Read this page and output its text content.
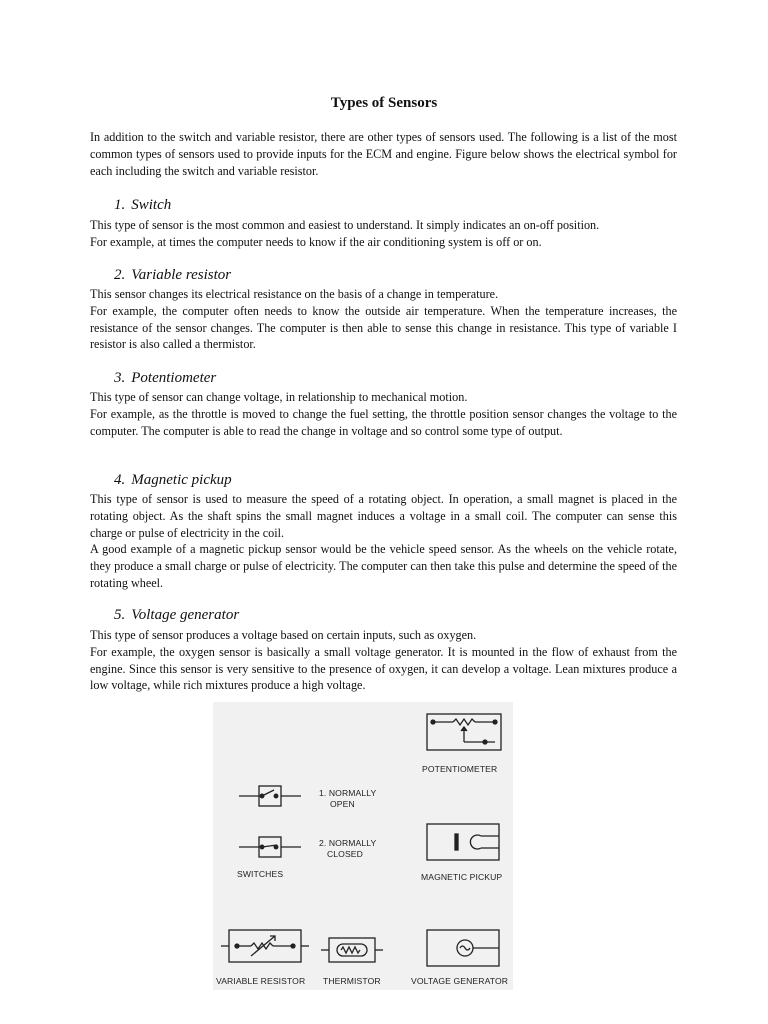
Types of Sensors

In addition to the switch and variable resistor, there are other types of sensors used. The following is a list of the most common types of sensors used to provide inputs for the ECM and engine. Figure below shows the electrical symbol for each including the switch and variable resistor.

1. Switch

This type of sensor is the most common and easiest to understand. It simply indicates an on-off position.

For example, at times the computer needs to know if the air conditioning system is off or on.

2. Variable resistor

This sensor changes its electrical resistance on the basis of a change in temperature.

For example, the computer often needs to know the outside air temperature. When the temperature increases, the resistance of the sensor changes. The computer is then able to sense this change in resistance. This type of variable I resistor is also called a thermistor.

3. Potentiometer

This type of sensor can change voltage, in relationship to mechanical motion.

For example, as the throttle is moved to change the fuel setting, the throttle position sensor changes the voltage to the computer. The computer is able to read the change in voltage and so control some type of output.

4. Magnetic pickup

This type of sensor is used to measure the speed of a rotating object. In operation, a small magnet is placed in the rotating object. As the shaft spins the small magnet induces a voltage in a small coil. The computer can sense this charge or pulse of electricity in the coil.

A good example of a magnetic pickup sensor would be the vehicle speed sensor. As the wheels on the vehicle rotate, they produce a small charge or pulse of electricity. The computer can then take this pulse and determine the speed of the rotating wheel.

5. Voltage generator

This type of sensor produces a voltage based on certain inputs, such as oxygen.

For example, the oxygen sensor is basically a small voltage generator. It is mounted in the flow of exhaust from the engine. Since this sensor is very sensitive to the presence of oxygen, it can develop a voltage. Lean mixtures produce a low voltage, while rich mixtures produce a high voltage.

POTENTIOMETER
1. NORMALLY
OPEN
2. NORMALLY
CLOSED
SWITCHES	MAGNETIC PICKUP
VARIABLE RESISTOR THERMISTOR	VOLTAGE GENERATOR
